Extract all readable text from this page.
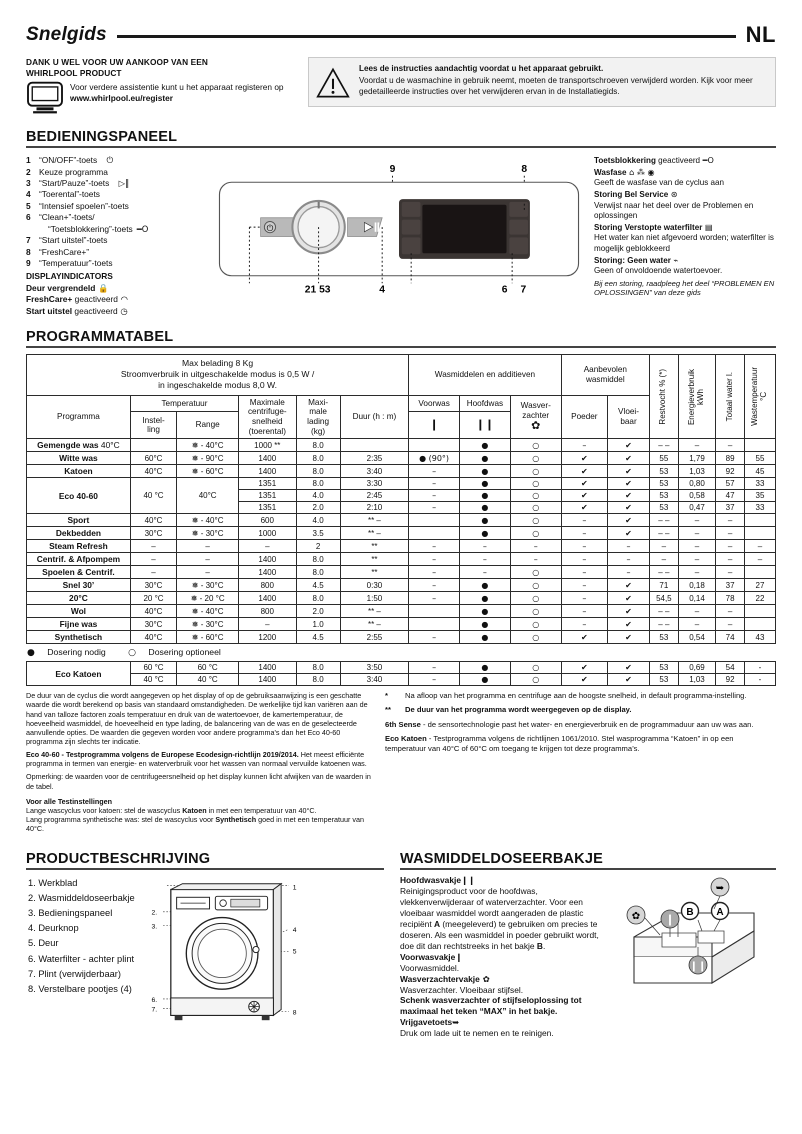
Snelgids	NL
DANK U WEL VOOR UW AANKOOP VAN EEN
WHIRLPOOL PRODUCT
Voor verdere assistentie kunt u het apparaat registeren op www.whirlpool.eu/register
Lees de instructies aandachtig voordat u het apparaat gebruikt.
Voordat u de wasmachine in gebruik neemt, moeten de transportschroeven verwijderd worden. Kijk voor meer gedetailleerde instructies over het verwijderen ervan in de Installatiegids.
BEDIENINGSPANEEL
1 “ON/OFF”-toets ⏻
2 Keuze programma
3 “Start/Pauze”-toets ▷‖
4 “Toerental”-toets
5 “Intensief spoelen”-toets
6 “Clean+”-toets/
“Toetsblokkering”-toets ━O
7 “Start uitstel”-toets
8 “FreshCare+”
9 “Temperatuur”-toets
DISPLAYINDICATORS
Deur vergrendeld 🔒
FreshCare+ geactiveerd ◠
Start uitstel geactiveerd ◷
9	8
⏻
21 53	4	6 7
Toetsblokkering geactiveerd ━O
Wasfase ⌂ ⁂ ◉
Geeft de wasfase van de cyclus aan
Storing Bel Service ⊛
Verwijst naar het deel over de Problemen en oplossingen
Storing Verstopte waterfilter ▤
Het water kan niet afgevoerd worden; waterfilter is mogelijk geblokkeerd
Storing: Geen water ⌁
Geen of onvoldoende watertoevoer.
Bij een storing, raadpleeg het deel “PROBLEMEN EN OPLOSSINGEN” van deze gids
PROGRAMMATABEL
Max belading 8 Kg
Stroomverbruik in uitgeschakelde modus is 0,5 W /
in ingeschakelde modus 8,0 W.						Wasmiddelen en additieven			Aanbevolen
wasmiddel		Restvocht % (*)	Energieverbruik
kWh	Totaal water l.	Wastemperatuur
°C

Programma	Temperatuur		Maximale
centrifuge-
snelheid
(toerental)	Maxi-
male
lading
(kg)	Duur (h : m)	Voorwas	Hoofdwas	Wasver-
zachter
✿	Poeder	Vloei-
baar				
	Instel-
ling	Range				❙	❙❙							
Gemengde was 40°C		❅ - 40°C	1000 **	8.0			●	○	–	✔	– –	–	–	
Witte was	60°C	❅ - 90°C	1400	8.0	2:35	● (90°)	●	○	✔	✔	55	1,79	89	55
Katoen	40°C	❅ - 60°C	1400	8.0	3:40	–	●	○	✔	✔	53	1,03	92	45
Eco 40-60	40 °C	40°C	1351	8.0	3:30	–	●	○	✔	✔	53	0,80	57	33
			1351	4.0	2:45	–	●	○	✔	✔	53	0,58	47	35
			1351	2.0	2:10	–	●	○	✔	✔	53	0,47	37	33
Sport	40°C	❅ - 40°C	600	4.0	** –		●	○	–	✔	– –	–	–	
Dekbedden	30°C	❅ - 30°C	1000	3.5	** –		●	○	–	✔	– –	–	–	
Steam Refresh	–	–	–	2	**	–	–	–	–	–	–	–	–	–
Centrif. & Afpompem	–	–	1400	8.0	**	–	–	–	–	–	–	–	–	–
Spoelen & Centrif.	–	–	1400	8.0	**	–	–	○	–	–	– –	–	–	
Snel 30’	30°C	❅ - 30°C	800	4.5	0:30	–	●	○	–	✔	71	0,18	37	27
20°C	20 °C	❅ - 20 °C	1400	8.0	1:50	–	●	○	–	✔	54,5	0,14	78	22
Wol	40°C	❅ - 40°C	800	2.0	** –		●	○	–	✔	– –	–	–	
Fijne was	30°C	❅ - 30°C	–	1.0	** –		●	○	–	✔	– –	–	–	
Synthetisch	40°C	❅ - 60°C	1200	4.5	2:55	–	●	○	✔	✔	53	0,54	74	43
● Dosering nodig ○ Dosering optioneel
Eco Katoen	60 °C	60 °C	1400	8.0	3:50	–	●	○	✔	✔	53	0,69	54	-
	40 °C	40 °C	1400	8.0	3:40	–	●	○	✔	✔	53	1,03	92	-

De duur van de cyclus die wordt aangegeven op het display of op de gebruiksaanwijzing is een geschatte waarde die wordt berekend op basis van standaard omstandigheden. De werkelijke tijd kan variëren aan de hand van talloze factoren zoals temperatuur en druk van de watertoevoer, de kamertemperatuur, de hoeveelheid wasmiddel, de hoeveelheid en type lading, de balancering van de was en de geselecteerde aanvullende opties. De waarden die gegeven worden voor andere programma's dan het Eco 40-60 programma zijn slechts ter indicatie.

Eco 40-60 - Testprogramma volgens de Europese Ecodesign-richtlijn 2019/2014. Het meest efficiënte programma in termen van energie- en waterverbruik voor het wassen van normaal vervuilde katoenen was.

Opmerking: de waarden voor de centrifugeersnelheid op het display kunnen licht afwijken van de waarden in de tabel.

Voor alle Testinstellingen
Lange wascyclus voor katoen: stel de wascyclus Katoen in met een temperatuur van 40°C.
Lang programma synthetische was: stel de wascyclus voor Synthetisch goed in met een temperatuur van 40°C.

*	Na afloop van het programma en centrifuge aan de hoogste snelheid, in default programma-instelling.
**	De duur van het programma wordt weergegeven op de display.

6th Sense - de sensortechnologie past het water- en energieverbruik en de programmaduur aan uw was aan.

Eco Katoen - Testprogramma volgens de richtlijnen 1061/2010. Stel wasprogramma “Katoen” in op een temperatuur van 40°C of 60°C om toegang te krijgen tot deze programma’s.

PRODUCTBESCHRIJVING
1. Werkblad
2. Wasmiddeldoseerbakje
3. Bedieningspaneel
4. Deurknop
5. Deur
6. Waterfilter - achter plint
7. Plint (verwijderbaar)
8. Verstelbare pootjes (4)
1
2.
3.
4
5
6.
7.	8
WASMIDDELDOSEERBAKJE
Hoofdwasvakje❙❙
Reinigingsproduct voor de hoofdwas, vlekkenverwijderaar of waterverzachter. Voor een vloeibaar wasmiddel wordt aangeraden de plastic recipiënt A (meegeleverd) te gebruiken om precies te doseren. Als een wasmiddel in poeder gebruikt wordt, doe dit dan rechtstreeks in het bakje B.
Voorwasvakje❙
Voorwasmiddel.
Wasverzachtervakje ✿
Wasverzachter. Vloeibaar stijfsel.
Schenk wasverzachter of stijfseloplossing tot maximaal het teken “MAX” in het bakje.
Vrijgavetoets➥
Druk om lade uit te nemen en te reinigen.
❙
❙❙
✿	B A
➥
